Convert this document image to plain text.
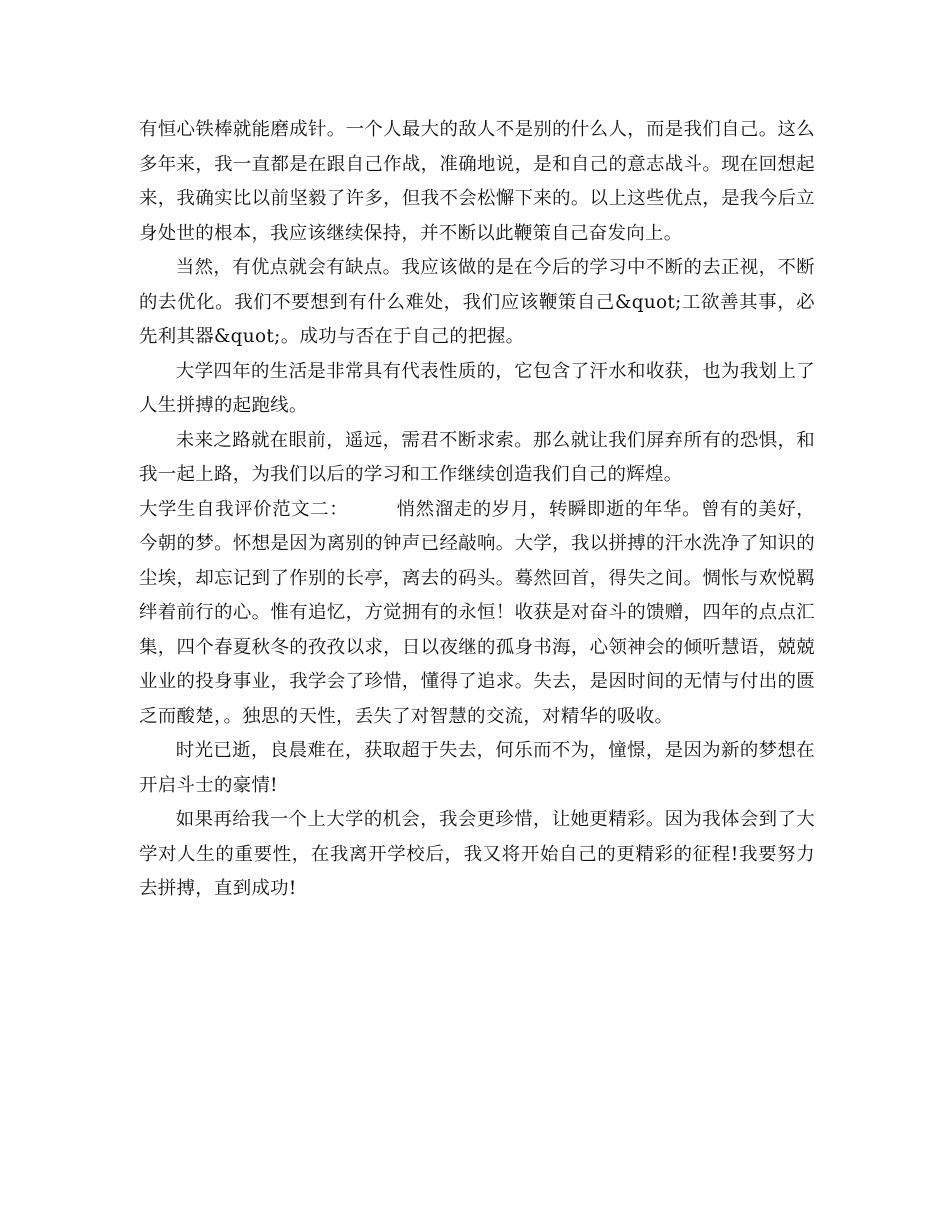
有恒心铁棒就能磨成针。一个人最大的敌人不是别的什么人，而是我们自己。这么多年来，我一直都是在跟自己作战，准确地说，是和自己的意志战斗。现在回想起来，我确实比以前坚毅了许多，但我不会松懈下来的。以上这些优点，是我今后立身处世的根本，我应该继续保持，并不断以此鞭策自己奋发向上。

当然，有优点就会有缺点。我应该做的是在今后的学习中不断的去正视，不断的去优化。我们不要想到有什么难处，我们应该鞭策自己&quot;工欲善其事，必先利其器&quot;。成功与否在于自己的把握。

大学四年的生活是非常具有代表性质的，它包含了汗水和收获，也为我划上了人生拼搏的起跑线。

未来之路就在眼前，遥远，需君不断求索。那么就让我们屏弃所有的恐惧，和我一起上路，为我们以后的学习和工作继续创造我们自己的辉煌。

大学生自我评价范文二：	悄然溜走的岁月，转瞬即逝的年华。曾有的美好，今朝的梦。怀想是因为离别的钟声已经敲响。大学，我以拼搏的汗水洗净了知识的尘埃，却忘记到了作别的长亭，离去的码头。蓦然回首，得失之间。惆怅与欢悦羁绊着前行的心。惟有追忆，方觉拥有的永恒！收获是对奋斗的馈赠，四年的点点汇集，四个春夏秋冬的孜孜以求，日以夜继的孤身书海，心领神会的倾听慧语，兢兢业业的投身事业，我学会了珍惜，懂得了追求。失去，是因时间的无情与付出的匮乏而酸楚，。独思的天性，丢失了对智慧的交流，对精华的吸收。

时光已逝，良晨难在，获取超于失去，何乐而不为，憧憬，是因为新的梦想在开启斗士的豪情!

如果再给我一个上大学的机会，我会更珍惜，让她更精彩。因为我体会到了大学对人生的重要性，在我离开学校后，我又将开始自己的更精彩的征程!我要努力去拼搏，直到成功!
